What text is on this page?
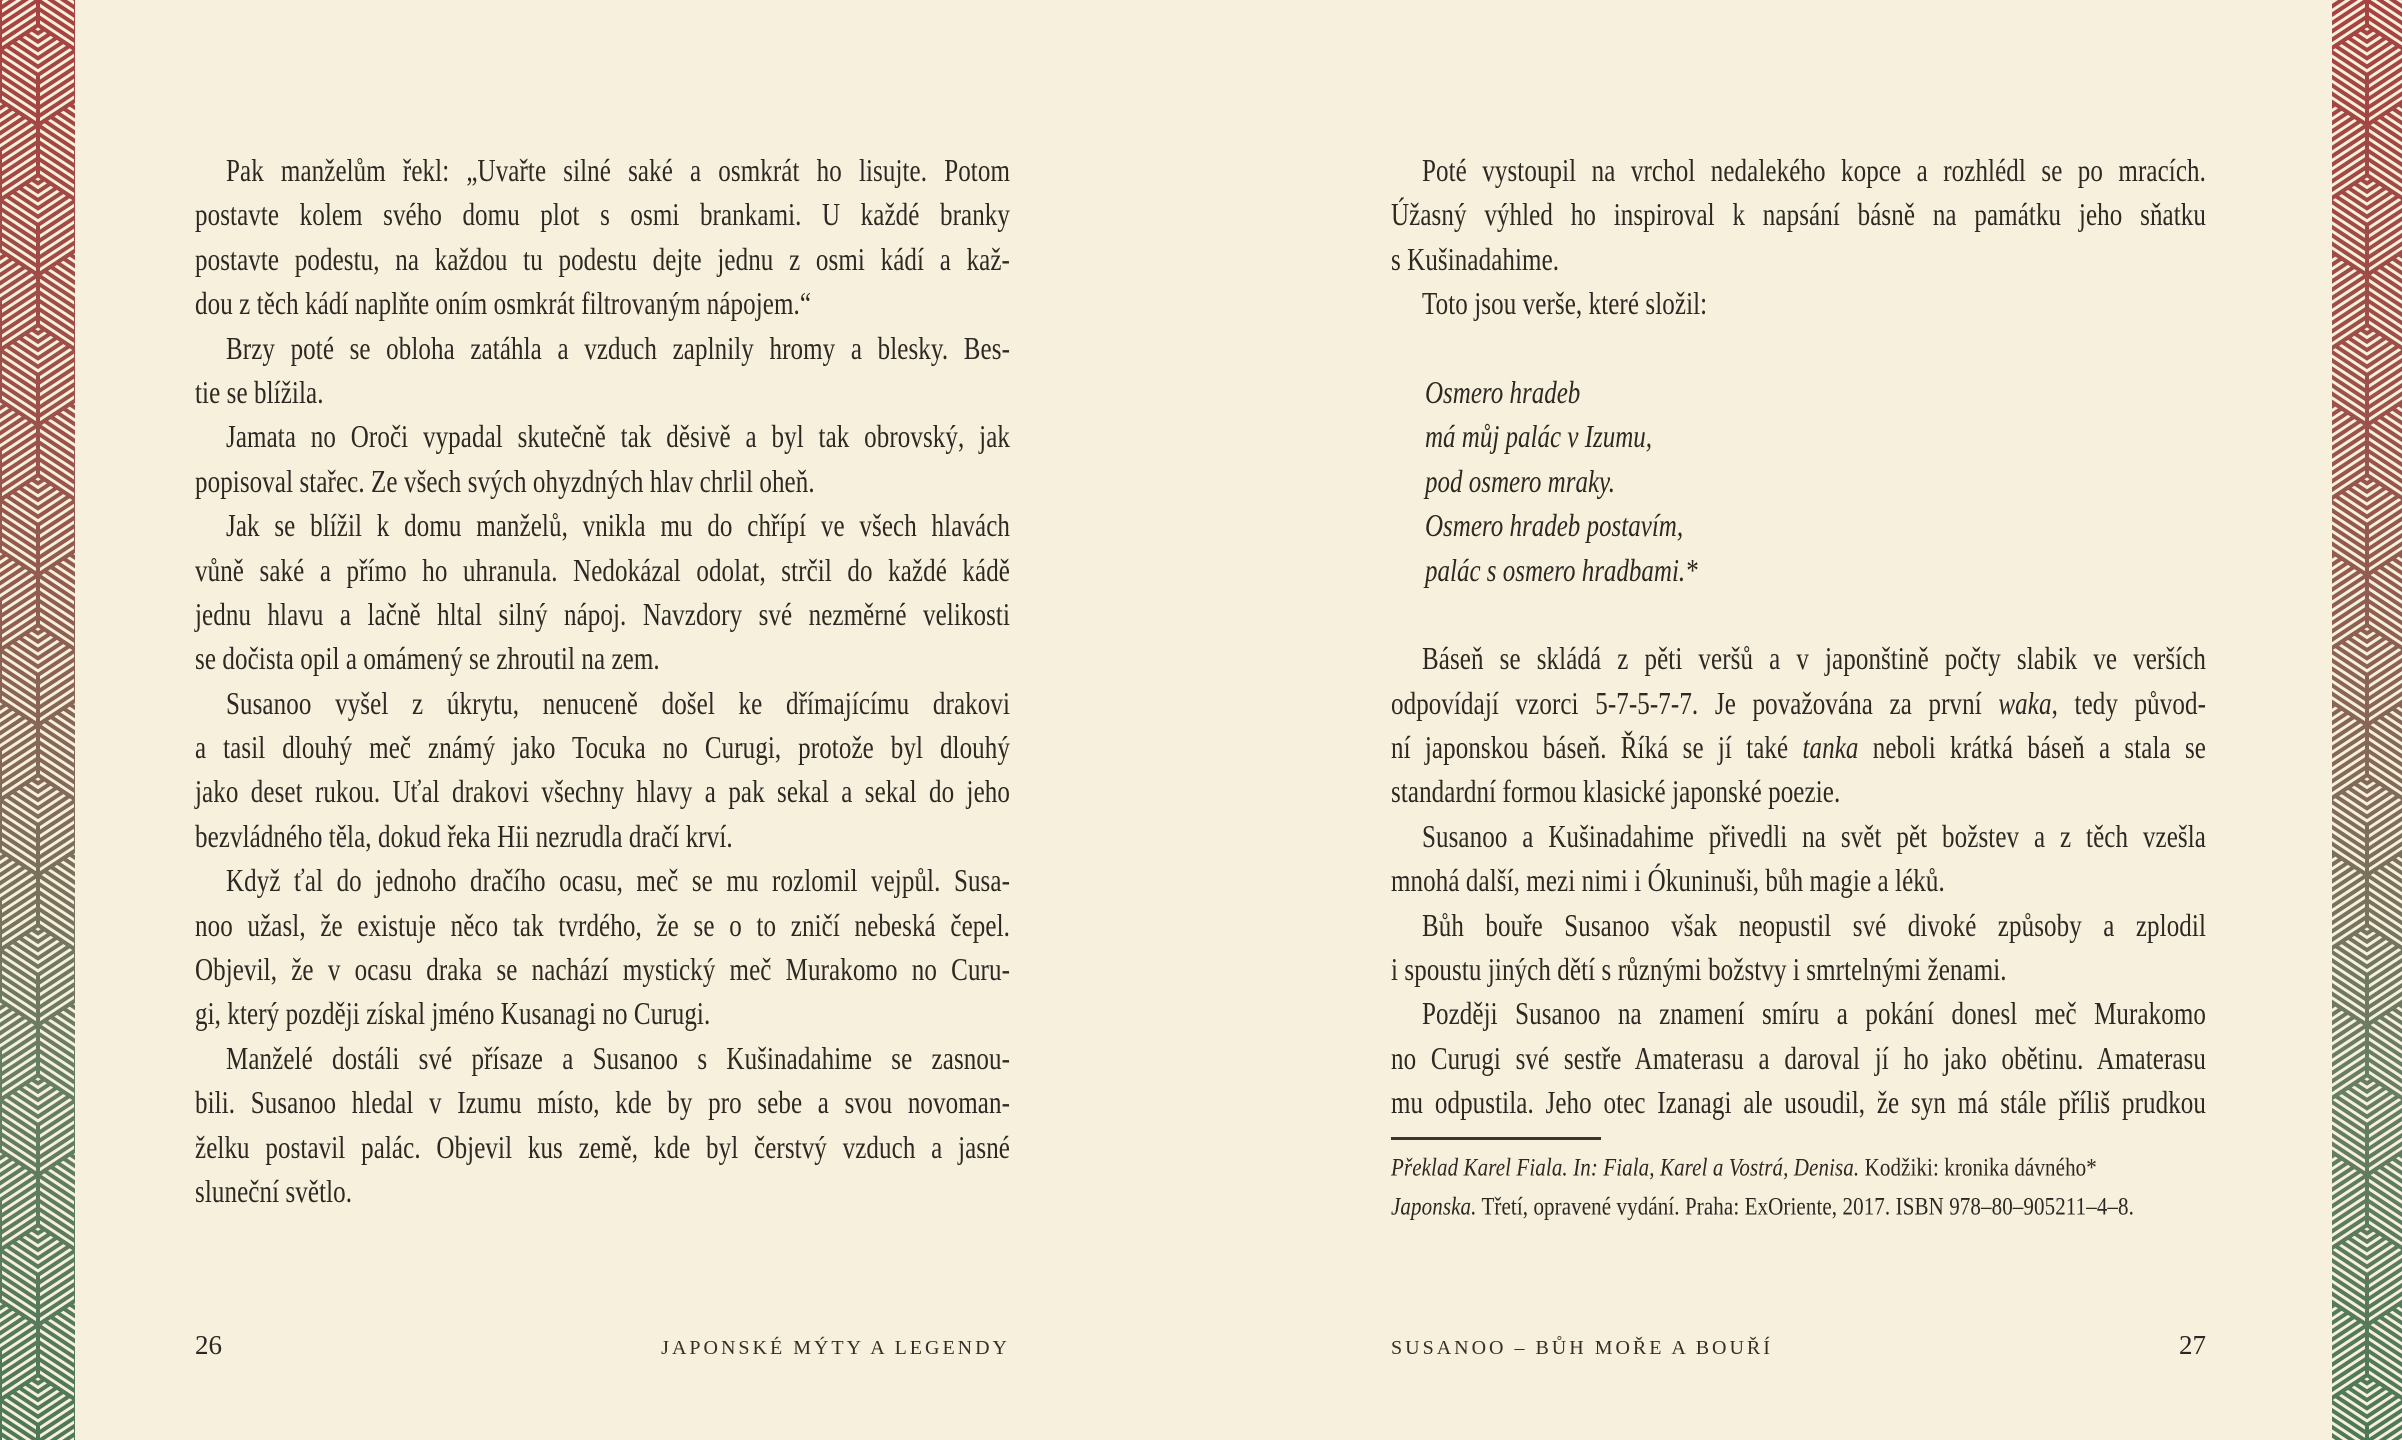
Pak manželům řekl: „Uvařte silné saké a osmkrát ho lisujte. Potom
postavte kolem svého domu plot s osmi brankami. U každé branky
postavte podestu, na každou tu podestu dejte jednu z osmi kádí a kaž-
dou z těch kádí naplňte oním osmkrát filtrovaným nápojem.“
Brzy poté se obloha zatáhla a vzduch zaplnily hromy a blesky. Bes-
tie se blížila.
Jamata no Oroči vypadal skutečně tak děsivě a byl tak obrovský, jak
popisoval stařec. Ze všech svých ohyzdných hlav chrlil oheň.
Jak se blížil k domu manželů, vnikla mu do chřípí ve všech hlavách
vůně saké a přímo ho uhranula. Nedokázal odolat, strčil do každé kádě
jednu hlavu a lačně hltal silný nápoj. Navzdory své nezměrné velikosti
se dočista opil a omámený se zhroutil na zem.
Susanoo vyšel z úkrytu, nenuceně došel ke dřímajícímu drakovi
a tasil dlouhý meč známý jako Tocuka no Curugi, protože byl dlouhý
jako deset rukou. Uťal drakovi všechny hlavy a pak sekal a sekal do jeho
bezvládného těla, dokud řeka Hii nezrudla dračí krví.
Když ťal do jednoho dračího ocasu, meč se mu rozlomil vejpůl. Susa-
noo užasl, že existuje něco tak tvrdého, že se o to zničí nebeská čepel.
Objevil, že v ocasu draka se nachází mystický meč Murakomo no Curu-
gi, který později získal jméno Kusanagi no Curugi.
Manželé dostáli své přísaze a Susanoo s Kušinadahime se zasnou-
bili. Susanoo hledal v Izumu místo, kde by pro sebe a svou novoman-
želku postavil palác. Objevil kus země, kde byl čerstvý vzduch a jasné
sluneční světlo.
Poté vystoupil na vrchol nedalekého kopce a rozhlédl se po mracích.
Úžasný výhled ho inspiroval k napsání básně na památku jeho sňatku
s Kušinadahime.
Toto jsou verše, které složil:
Osmero hradeb
má můj palác v Izumu,
pod osmero mraky.
Osmero hradeb postavím,
palác s osmero hradbami.*
Báseň se skládá z pěti veršů a v japonštině počty slabik ve verších
odpovídají vzorci 5-7-5-7-7. Je považována za první waka, tedy původ-
ní japonskou báseň. Říká se jí také tanka neboli krátká báseň a stala se
standardní formou klasické japonské poezie.
Susanoo a Kušinadahime přivedli na svět pět božstev a z těch vzešla
mnohá další, mezi nimi i Ókuninuši, bůh magie a léků.
Bůh bouře Susanoo však neopustil své divoké způsoby a zplodil
i spoustu jiných dětí s různými božstvy i smrtelnými ženami.
Později Susanoo na znamení smíru a pokání donesl meč Murakomo
no Curugi své sestře Amaterasu a daroval jí ho jako obětinu. Amaterasu
mu odpustila. Jeho otec Izanagi ale usoudil, že syn má stále příliš prudkou
Překlad Karel Fiala. In: Fiala, Karel a Vostrá, Denisa. Kodžiki: kronika dávného*
Japonska. Třetí, opravené vydání. Praha: ExOriente, 2017. ISBN 978–80–905211–4–8.
26	JAPONSKÉ MÝTY A LEGENDY	SUSANOO – BŮH MOŘE A BOUŘÍ	27
